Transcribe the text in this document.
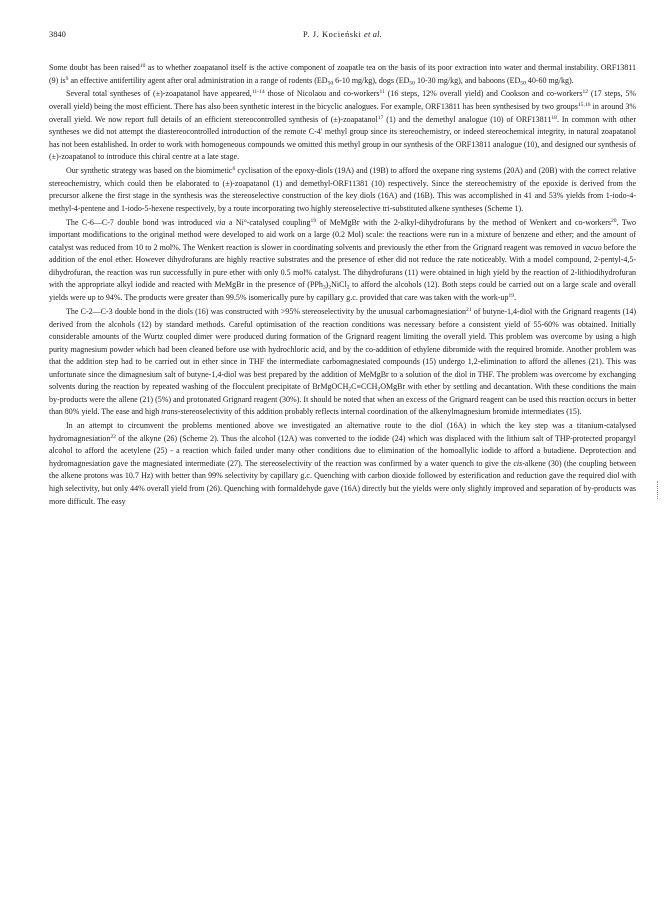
3840	P. J. Kocieński et al.

Some doubt has been raised$^{10}$ as to whether zoapatanol itself is the active component of zoapatle tea on the basis of its poor extraction into water and thermal instability. ORF13811 (9) $is^9$ an effective antifertility agent after oral administration in a range of rodents ($ED_{50}$ 6-10 mg/kg), dogs ($ED_{50}$ 10-30 mg/kg), and baboons ($ED_{50}$ 40-60 mg/kg).

Several total syntheses of (±)-zoapatanol have appeared,$^{11-14}$ those of Nicolaou and co-workers$^{11}$ (16 steps, 12% overall yield) and Cookson and co-workers$^{12}$ (17 steps, 5% overall yield) being the most efficient. There has also been synthetic interest in the bicyclic analogues. For example, ORF13811 has been synthesised by two groups$^{15,16}$ in around 3% overall yield. We now report full details of an efficient stereocontrolled synthesis of (±)-zoapatanol$^{17}$ (1) and the demethyl analogue (10) of ORF13811$^{18}$. In common with other syntheses we did not attempt the diastereocontrolled introduction of the remote C-4′ methyl group since its stereochemistry, or indeed stereochemical integrity, in natural zoapatanol has not been established. In order to work with homogeneous compounds we omitted this methyl group in our synthesis of the ORF13811 analogue (10), and designed our synthesis of (±)-zoapatanol to introduce this chiral centre at a late stage.

Our synthetic strategy was based on the biomimetic$^6$ cyclisation of the epoxy-diols (19A) and (19B) to afford the oxepane ring systems (20A) and (20B) with the correct relative stereochemistry, which could then be elaborated to (±)-zoapatanol (1) and demethyl-ORF11381 (10) respectively. Since the stereochemistry of the epoxide is derived from the precursor alkene the first stage in the synthesis was the stereoselective construction of the key diols (16A) and (16B). This was accomplished in 41 and 53% yields from 1-iodo-4-methyl-4-pentene and 1-iodo-5-hexene respectively, by a route incorporating two highly stereoselective tri-substituted alkene syntheses (Scheme 1).

The C-6—C-7 double bond was introduced via a Ni$^o$-catalysed coupling$^{19}$ of MeMgBr with the 2-alkyl-dihydrofurans by the method of Wenkert and co-workers$^{20}$. Two important modifications to the original method were developed to aid work on a large (0.2 Mol) scale: the reactions were run in a mixture of benzene and ether; and the amount of catalyst was reduced from 10 to 2 mol%. The Wenkert reaction is slower in coordinating solvents and previously the ether from the Grignard reagent was removed in vacuo before the addition of the enol ether. However dihydrofurans are highly reactive substrates and the presence of ether did not reduce the rate noticeably. With a model compound, 2-pentyl-4,5-dihydrofuran, the reaction was run successfully in pure ether with only 0.5 mol% catalyst. The dihydrofurans (11) were obtained in high yield by the reaction of 2-lithiodihydrofuran with the appropriate alkyl iodide and reacted with MeMgBr in the presence of $(PPh_3)_2NiCl_2$ to afford the alcohols (12). Both steps could be carried out on a large scale and overall yields were up to 94%. The products were greater than 99.5% isomerically pure by capillary g.c. provided that care was taken with the work-$up^{19}$.

The C-2—C-3 double bond in the diols (16) was constructed with >95% stereoselectivity by the unusual carbomagnesiation$^{21}$ of butyne-1,4-diol with the Grignard reagents (14) derived from the alcohols (12) by standard methods. Careful optimisation of the reaction conditions was necessary before a consistent yield of 55-60% was obtained. Initially considerable amounts of the Wurtz coupled dimer were produced during formation of the Grignard reagent limiting the overall yield. This problem was overcome by using a high purity magnesium powder which had been cleaned before use with hydrochloric acid, and by the co-addition of ethylene dibromide with the required bromide. Another problem was that the addition step had to be carried out in ether since in THF the intermediate carbomagnesiated compounds (15) undergo 1,2-elimination to afford the allenes (21). This was unfortunate since the dimagnesium salt of butyne-1,4-diol was best prepared by the addition of MeMgBr to a solution of the diol in THF. The problem was overcome by exchanging solvents during the reaction by repeated washing of the flocculent precipitate of $BrMgOCH_2C\equiv CCH_2OMgBr$ with ether by settling and decantation. With these conditions the main by-products were the allene (21) (5%) and protonated Grignard reagent (30%). It should be noted that when an excess of the Grignard reagent can be used this reaction occurs in better than 80% yield. The ease and high trans-stereoselectivity of this addition probably reflects internal coordination of the alkenylmagnesium bromide intermediates (15).

In an attempt to circumvent the problems mentioned above we investigated an alternative route to the diol (16A) in which the key step was a titanium-catalysed hydromagnesiation$^{22}$ of the alkyne (26) (Scheme 2). Thus the alcohol (12A) was converted to the iodide (24) which was displaced with the lithium salt of THP-protected propargyl alcohol to afford the acetylene (25) - a reaction which failed under many other conditions due to elimination of the homoallylic iodide to afford a butadiene. Deprotection and hydromagnesiation gave the magnesiated intermediate (27). The stereoselectivity of the reaction was confirmed by a water quench to give the cis-alkene (30) (the coupling between the alkene protons was 10.7 Hz) with better than 99% selectivity by capillary g.c. Quenching with carbon dioxide followed by esterification and reduction gave the required diol with high selectivity, but only 44% overall yield from (26). Quenching with formaldehyde gave (16A) directly but the yields were only slightly improved and separation of by-products was more difficult. The easy
